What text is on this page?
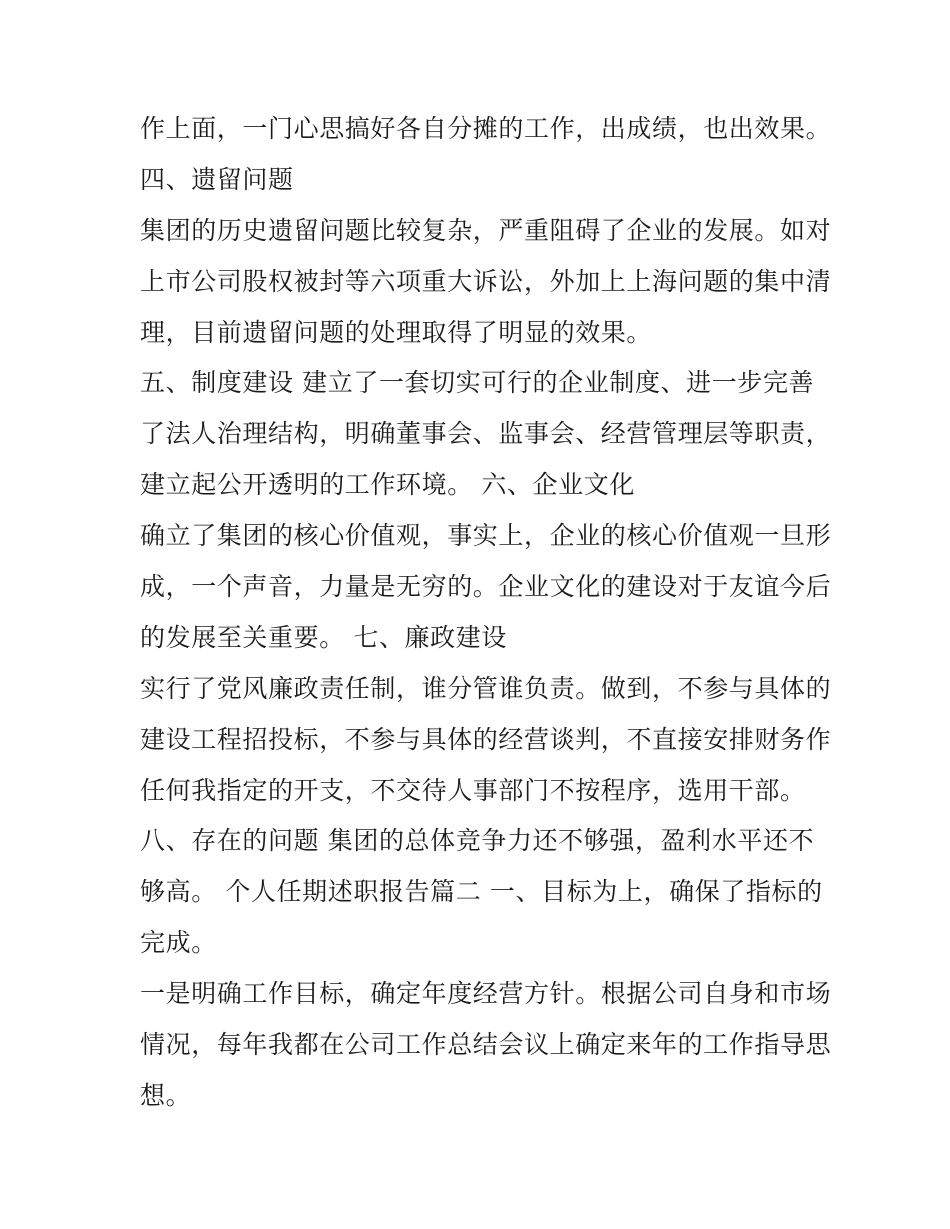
作上面，一门心思搞好各自分摊的工作，出成绩，也出效果。
四、遗留问题
集团的历史遗留问题比较复杂，严重阻碍了企业的发展。如对
上市公司股权被封等六项重大诉讼，外加上上海问题的集中清
理，目前遗留问题的处理取得了明显的效果。
五、制度建设 建立了一套切实可行的企业制度、进一步完善
了法人治理结构，明确董事会、监事会、经营管理层等职责，
建立起公开透明的工作环境。 六、企业文化
确立了集团的核心价值观，事实上，企业的核心价值观一旦形
成，一个声音，力量是无穷的。企业文化的建设对于友谊今后
的发展至关重要。 七、廉政建设
实行了党风廉政责任制，谁分管谁负责。做到，不参与具体的
建设工程招投标，不参与具体的经营谈判，不直接安排财务作
任何我指定的开支，不交待人事部门不按程序，选用干部。
八、存在的问题 集团的总体竞争力还不够强，盈利水平还不
够高。 个人任期述职报告篇二 一、目标为上，确保了指标的
完成。
一是明确工作目标，确定年度经营方针。根据公司自身和市场
情况，每年我都在公司工作总结会议上确定来年的工作指导思
想。
